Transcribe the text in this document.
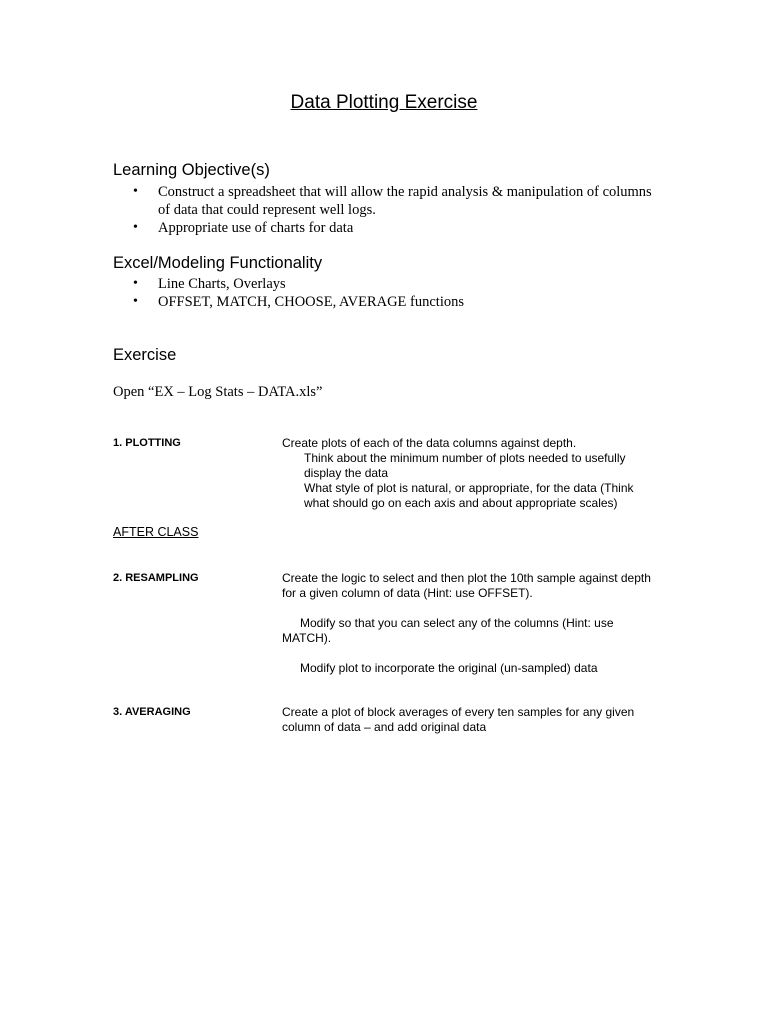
Data Plotting Exercise
Learning Objective(s)
• Construct a spreadsheet that will allow the rapid analysis & manipulation of columns of data that could represent well logs.
• Appropriate use of charts for data
Excel/Modeling Functionality
• Line Charts, Overlays
• OFFSET, MATCH, CHOOSE, AVERAGE functions
Exercise
Open “EX – Log Stats – DATA.xls”
1. PLOTTING	Create plots of each of the data columns against depth.
Think about the minimum number of plots needed to usefully display the data
What style of plot is natural, or appropriate, for the data (Think what should go on each axis and about appropriate scales)
AFTER CLASS
2. RESAMPLING	Create the logic to select and then plot the 10th sample against depth for a given column of data (Hint: use OFFSET).
Modify so that you can select any of the columns (Hint: use MATCH).
Modify plot to incorporate the original (un-sampled) data
3. AVERAGING	Create a plot of block averages of every ten samples for any given column of data – and add original data
